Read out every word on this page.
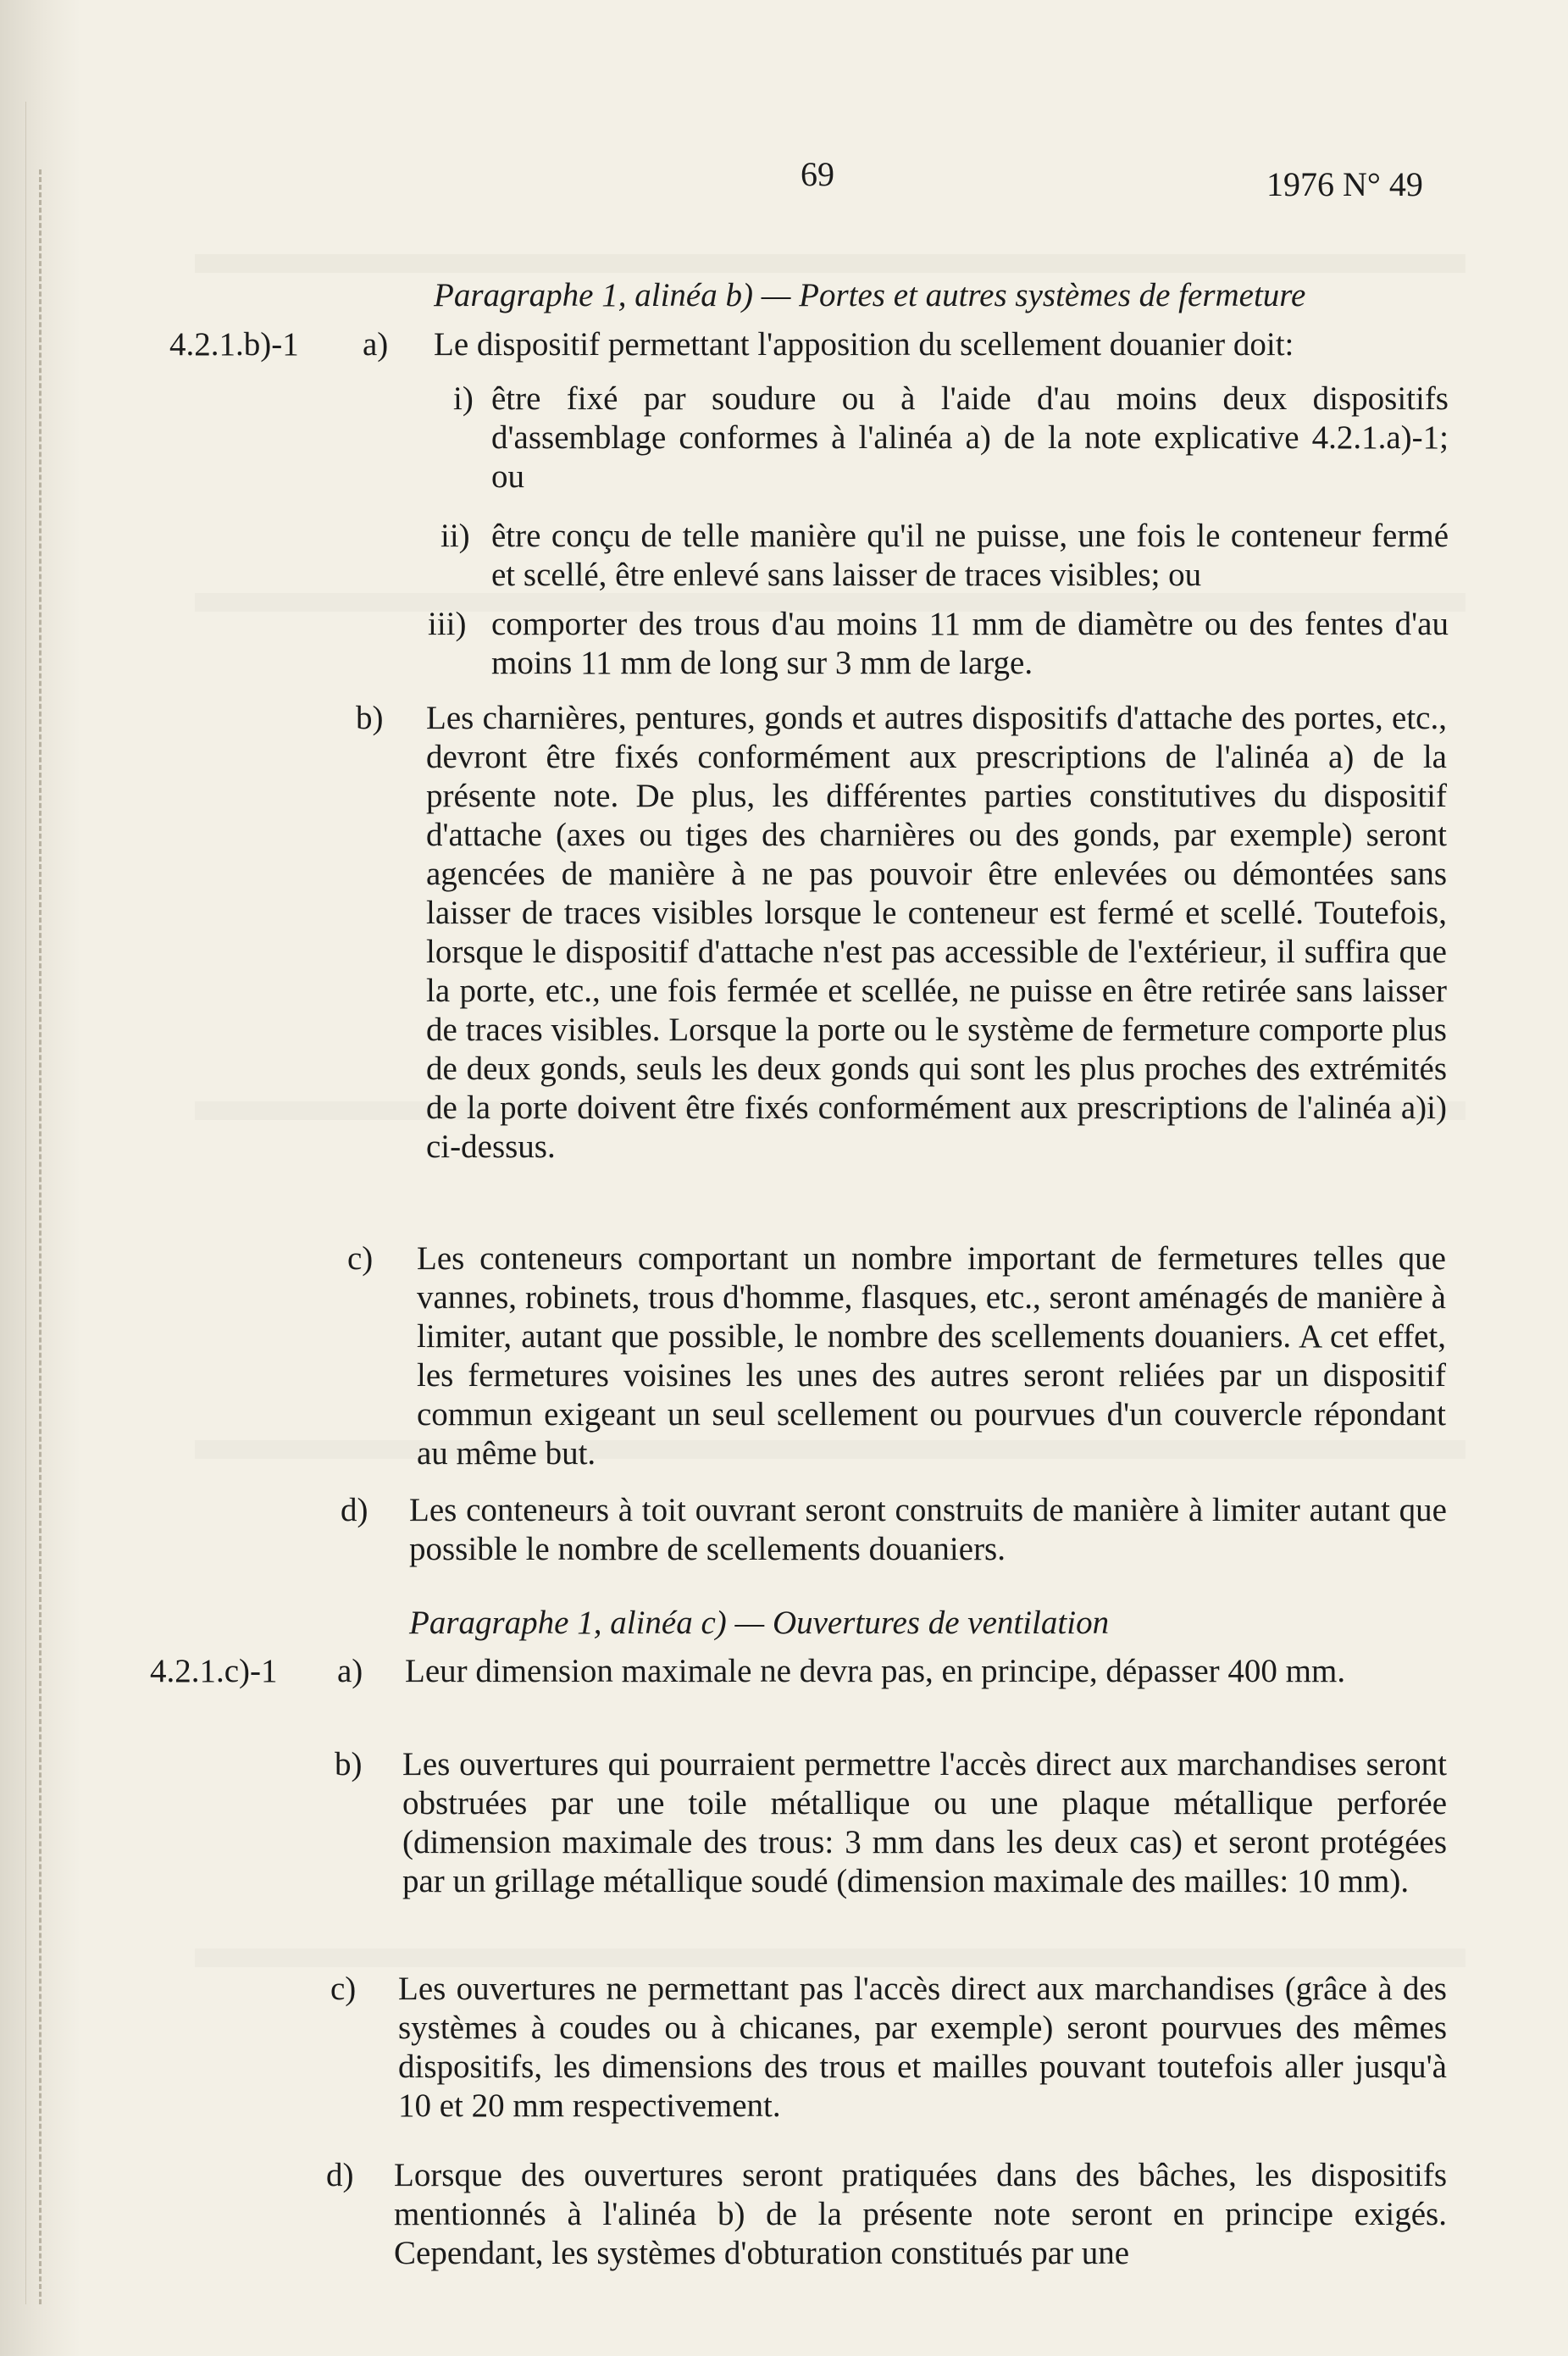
69	1976 N° 49
Paragraphe 1, alinéa b) — Portes et autres systèmes de fermeture
4.2.1.b)-1 a) Le dispositif permettant l'apposition du scellement douanier doit:
i) être fixé par soudure ou à l'aide d'au moins deux dispositifs d'assemblage conformes à l'alinéa a) de la note explicative 4.2.1.a)-1; ou
ii) être conçu de telle manière qu'il ne puisse, une fois le conteneur fermé et scellé, être enlevé sans laisser de traces visibles; ou
iii) comporter des trous d'au moins 11 mm de diamètre ou des fentes d'au moins 11 mm de long sur 3 mm de large.
b) Les charnières, pentures, gonds et autres dispositifs d'attache des portes, etc., devront être fixés conformément aux prescriptions de l'alinéa a) de la présente note. De plus, les différentes parties constitutives du dispositif d'attache (axes ou tiges des charnières ou des gonds, par exemple) seront agencées de manière à ne pas pouvoir être enlevées ou démontées sans laisser de traces visibles lorsque le conteneur est fermé et scellé. Toutefois, lorsque le dispositif d'attache n'est pas accessible de l'extérieur, il suffira que la porte, etc., une fois fermée et scellée, ne puisse en être retirée sans laisser de traces visibles. Lorsque la porte ou le système de fermeture comporte plus de deux gonds, seuls les deux gonds qui sont les plus proches des extrémités de la porte doivent être fixés conformément aux prescriptions de l'alinéa a)i) ci-dessus.
c) Les conteneurs comportant un nombre important de fermetures telles que vannes, robinets, trous d'homme, flasques, etc., seront aménagés de manière à limiter, autant que possible, le nombre des scellements douaniers. A cet effet, les fermetures voisines les unes des autres seront reliées par un dispositif commun exigeant un seul scellement ou pourvues d'un couvercle répondant au même but.
d) Les conteneurs à toit ouvrant seront construits de manière à limiter autant que possible le nombre de scellements douaniers.
Paragraphe 1, alinéa c) — Ouvertures de ventilation
4.2.1.c)-1 a) Leur dimension maximale ne devra pas, en principe, dépasser 400 mm.
b) Les ouvertures qui pourraient permettre l'accès direct aux marchandises seront obstruées par une toile métallique ou une plaque métallique perforée (dimension maximale des trous: 3 mm dans les deux cas) et seront protégées par un grillage métallique soudé (dimension maximale des mailles: 10 mm).
c) Les ouvertures ne permettant pas l'accès direct aux marchandises (grâce à des systèmes à coudes ou à chicanes, par exemple) seront pourvues des mêmes dispositifs, les dimensions des trous et mailles pouvant toutefois aller jusqu'à 10 et 20 mm respectivement.
d) Lorsque des ouvertures seront pratiquées dans des bâches, les dispositifs mentionnés à l'alinéa b) de la présente note seront en principe exigés. Cependant, les systèmes d'obturation constitués par une
